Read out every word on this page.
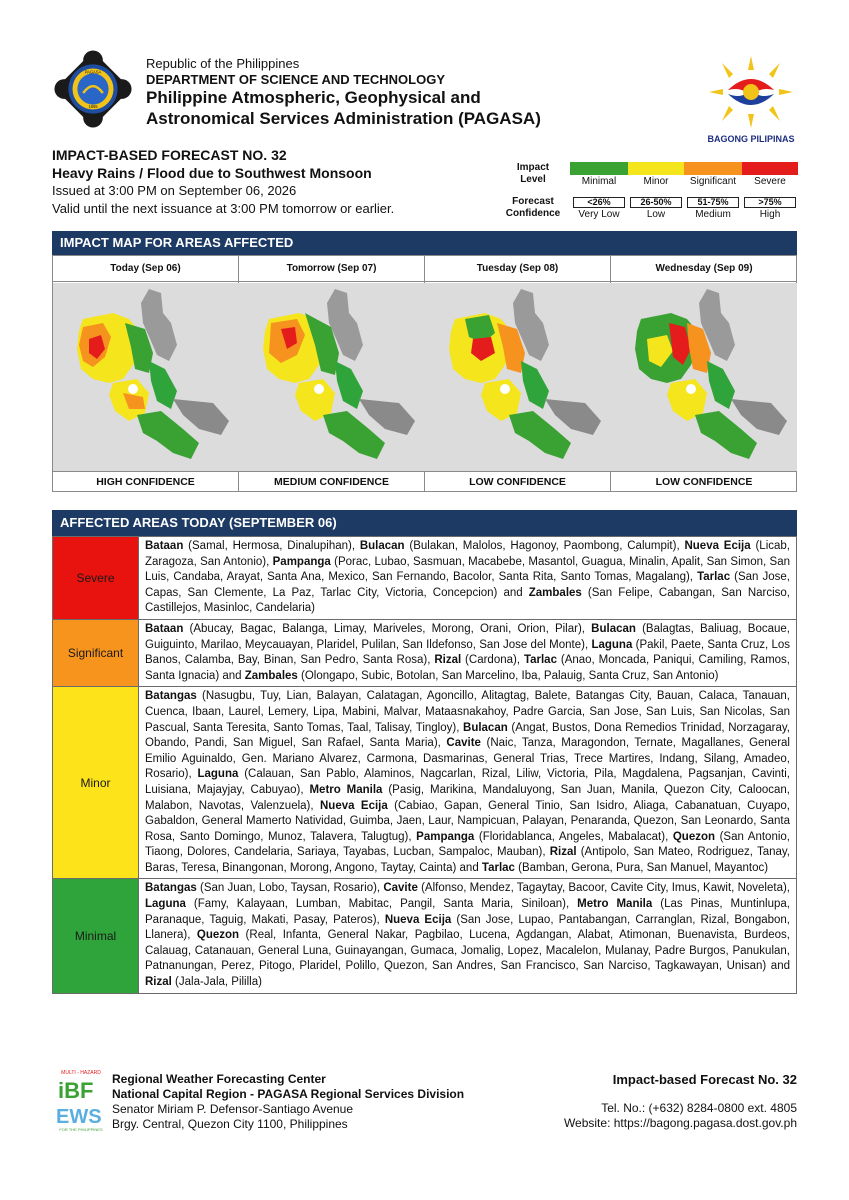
PAGASA
1865
Republic of the Philippines
DEPARTMENT OF SCIENCE AND TECHNOLOGY
Philippine Atmospheric, Geophysical and
Astronomical Services Administration (PAGASA)
BAGONG PILIPINAS
IMPACT-BASED FORECAST NO. 32
Heavy Rains / Flood due to Southwest Monsoon
Issued at 3:00 PM on September 06, 2026
Valid until the next issuance at 3:00 PM tomorrow or earlier.
Impact
Level
Forecast
Confidence
Minimal	Minor	Significant	Severe
<26%	26-50%	51-75%	>75%
Very Low	Low	Medium	High
IMPACT MAP FOR AREAS AFFECTED
Today (Sep 06)
HIGH CONFIDENCE
Tomorrow (Sep 07)
MEDIUM CONFIDENCE
Tuesday (Sep 08)
LOW CONFIDENCE
Wednesday (Sep 09)
LOW CONFIDENCE
AFFECTED AREAS TODAY (SEPTEMBER 06)
Severe
Bataan (Samal, Hermosa, Dinalupihan), Bulacan (Bulakan, Malolos, Hagonoy, Paombong, Calumpit), Nueva Ecija (Licab, Zaragoza, San Antonio), Pampanga (Porac, Lubao, Sasmuan, Macabebe, Masantol, Guagua, Minalin, Apalit, San Simon, San Luis, Candaba, Arayat, Santa Ana, Mexico, San Fernando, Bacolor, Santa Rita, Santo Tomas, Magalang), Tarlac (San Jose, Capas, San Clemente, La Paz, Tarlac City, Victoria, Concepcion) and Zambales (San Felipe, Cabangan, San Narciso, Castillejos, Masinloc, Candelaria)
Significant
Bataan (Abucay, Bagac, Balanga, Limay, Mariveles, Morong, Orani, Orion, Pilar), Bulacan (Balagtas, Baliuag, Bocaue, Guiguinto, Marilao, Meycauayan, Plaridel, Pulilan, San Ildefonso, San Jose del Monte), Laguna (Pakil, Paete, Santa Cruz, Los Banos, Calamba, Bay, Binan, San Pedro, Santa Rosa), Rizal (Cardona), Tarlac (Anao, Moncada, Paniqui, Camiling, Ramos, Santa Ignacia) and Zambales (Olongapo, Subic, Botolan, San Marcelino, Iba, Palauig, Santa Cruz, San Antonio)
Minor
Batangas (Nasugbu, Tuy, Lian, Balayan, Calatagan, Agoncillo, Alitagtag, Balete, Batangas City, Bauan, Calaca, Tanauan, Cuenca, Ibaan, Laurel, Lemery, Lipa, Mabini, Malvar, Mataasnakahoy, Padre Garcia, San Jose, San Luis, San Nicolas, San Pascual, Santa Teresita, Santo Tomas, Taal, Talisay, Tingloy), Bulacan (Angat, Bustos, Dona Remedios Trinidad, Norzagaray, Obando, Pandi, San Miguel, San Rafael, Santa Maria), Cavite (Naic, Tanza, Maragondon, Ternate, Magallanes, General Emilio Aguinaldo, Gen. Mariano Alvarez, Carmona, Dasmarinas, General Trias, Trece Martires, Indang, Silang, Amadeo, Rosario), Laguna (Calauan, San Pablo, Alaminos, Nagcarlan, Rizal, Liliw, Victoria, Pila, Magdalena, Pagsanjan, Cavinti, Luisiana, Majayjay, Cabuyao), Metro Manila (Pasig, Marikina, Mandaluyong, San Juan, Manila, Quezon City, Caloocan, Malabon, Navotas, Valenzuela), Nueva Ecija (Cabiao, Gapan, General Tinio, San Isidro, Aliaga, Cabanatuan, Cuyapo, Gabaldon, General Mamerto Natividad, Guimba, Jaen, Laur, Nampicuan, Palayan, Penaranda, Quezon, San Leonardo, Santa Rosa, Santo Domingo, Munoz, Talavera, Talugtug), Pampanga (Floridablanca, Angeles, Mabalacat), Quezon (San Antonio, Tiaong, Dolores, Candelaria, Sariaya, Tayabas, Lucban, Sampaloc, Mauban), Rizal (Antipolo, San Mateo, Rodriguez, Tanay, Baras, Teresa, Binangonan, Morong, Angono, Taytay, Cainta) and Tarlac (Bamban, Gerona, Pura, San Manuel, Mayantoc)
Minimal
Batangas (San Juan, Lobo, Taysan, Rosario), Cavite (Alfonso, Mendez, Tagaytay, Bacoor, Cavite City, Imus, Kawit, Noveleta), Laguna (Famy, Kalayaan, Lumban, Mabitac, Pangil, Santa Maria, Siniloan), Metro Manila (Las Pinas, Muntinlupa, Paranaque, Taguig, Makati, Pasay, Pateros), Nueva Ecija (San Jose, Lupao, Pantabangan, Carranglan, Rizal, Bongabon, Llanera), Quezon (Real, Infanta, General Nakar, Pagbilao, Lucena, Agdangan, Alabat, Atimonan, Buenavista, Burdeos, Calauag, Catanauan, General Luna, Guinayangan, Gumaca, Jomalig, Lopez, Macalelon, Mulanay, Padre Burgos, Panukulan, Patnanungan, Perez, Pitogo, Plaridel, Polillo, Quezon, San Andres, San Francisco, San Narciso, Tagkawayan, Unisan) and Rizal (Jala-Jala, Pililla)
MULTI - HAZARD
iBF
EWS
FOR THE PHILIPPINES
Regional Weather Forecasting Center
National Capital Region - PAGASA Regional Services Division
Senator Miriam P. Defensor-Santiago Avenue
Brgy. Central, Quezon City 1100, Philippines
Impact-based Forecast No. 32
Tel. No.: (+632) 8284-0800 ext. 4805
Website: https://bagong.pagasa.dost.gov.ph
